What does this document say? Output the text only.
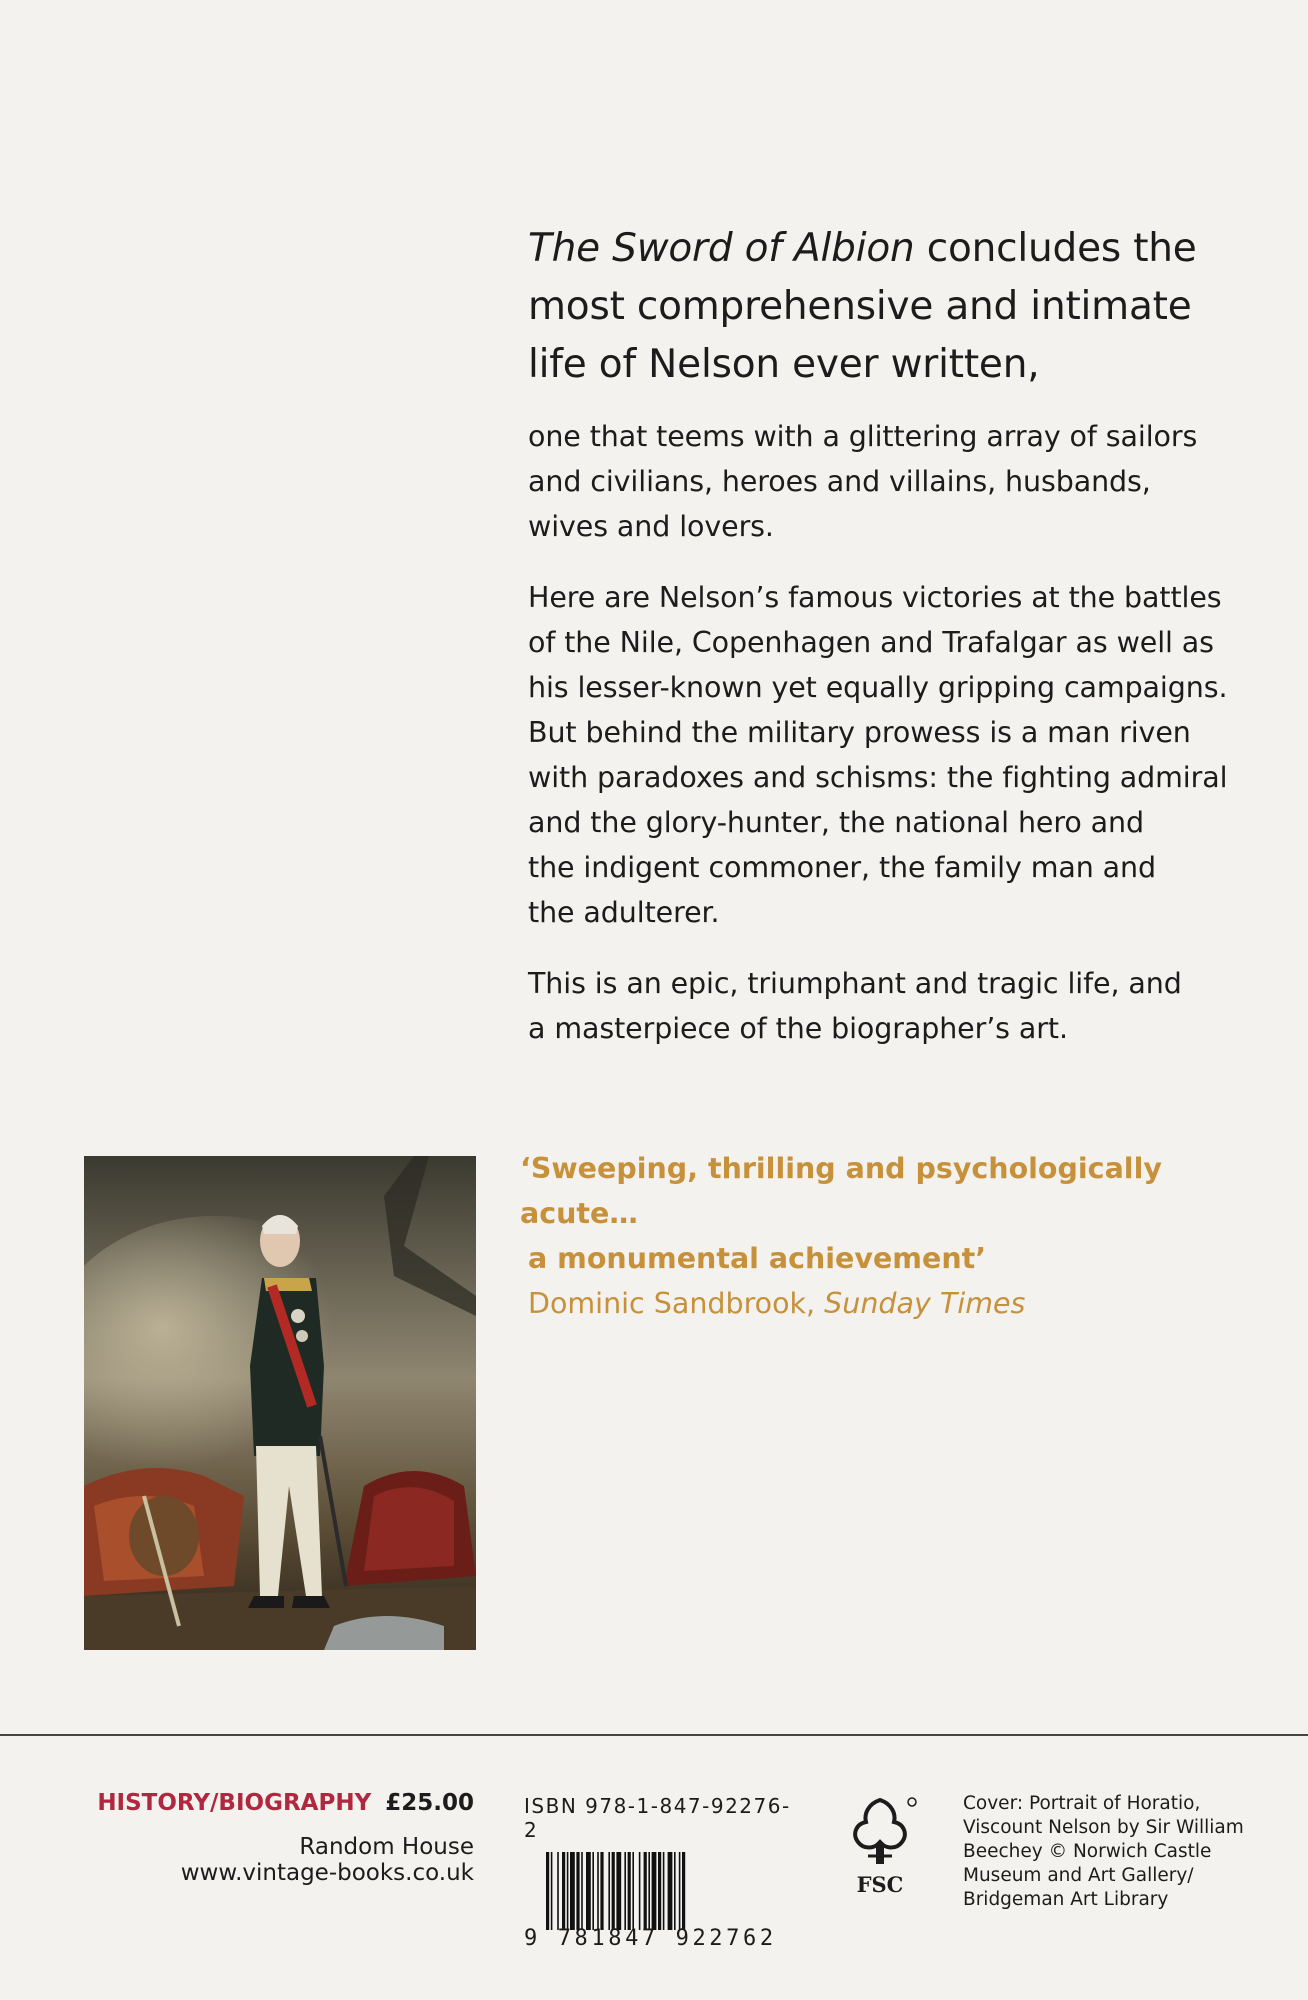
The Sword of Albion concludes the
most comprehensive and intimate
life of Nelson ever written,

one that teems with a glittering array of sailors
and civilians, heroes and villains, husbands,
wives and lovers.

Here are Nelson’s famous victories at the battles
of the Nile, Copenhagen and Trafalgar as well as
his lesser-known yet equally gripping campaigns.
But behind the military prowess is a man riven
with paradoxes and schisms: the fighting admiral
and the glory-hunter, the national hero and
the indigent commoner, the family man and
the adulterer.

This is an epic, triumphant and tragic life, and
a masterpiece of the biographer’s art.

‘Sweeping, thrilling and psychologically acute…
a monumental achievement’
Dominic Sandbrook, Sunday Times
HISTORY/BIOGRAPHY £25.00
Random House
www.vintage-books.co.uk
ISBN 978-1-847-92276-2
9 781847 922762
FSC
Cover: Portrait of Horatio,
Viscount Nelson by Sir William
Beechey © Norwich Castle
Museum and Art Gallery/
Bridgeman Art Library
